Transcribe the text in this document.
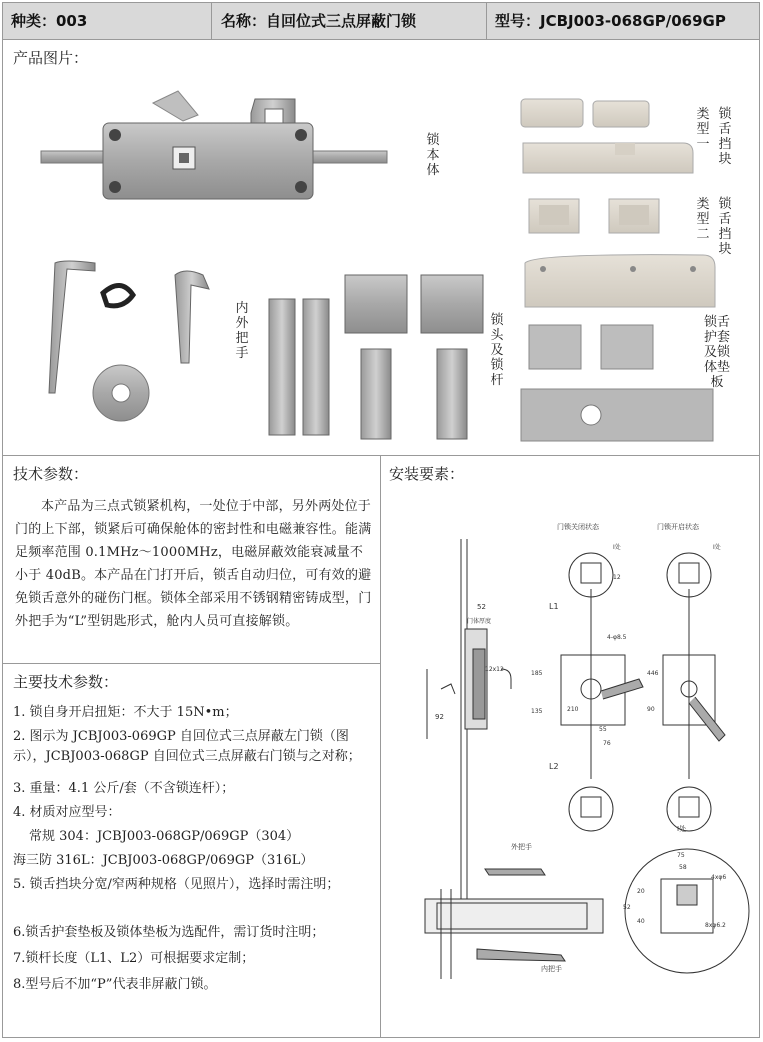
种类：003	名称：自回位式三点屏蔽门锁	型号：JCBJ003-068GP/069GP
产品图片：
锁本体
类型一
锁舌挡块
类型二
锁舌挡块
内外把手
锁头及锁杆
锁舌护套及锁体垫板
技术参数：
本产品为三点式锁紧机构，一处位于中部，另外两处位于门的上下部，锁紧后可确保舱体的密封性和电磁兼容性。能满足频率范围 0.1MHz～1000MHz，电磁屏蔽效能衰减量不小于 40dB。本产品在门打开后，锁舌自动归位，可有效的避免锁舌意外的碰伤门框。锁体全部采用不锈钢精密铸成型，门外把手为“L”型钥匙形式，舱内人员可直接解锁。
主要技术参数：
1. 锁自身开启扭矩：不大于 15N•m；
2. 图示为 JCBJ003-069GP 自回位式三点屏蔽左门锁（图 示），JCBJ003-068GP 自回位式三点屏蔽右门锁与之对称；
3. 重量：4.1 公斤/套（不含锁连杆）；
4. 材质对应型号：
常规 304：JCBJ003-068GP/069GP（304）
海三防 316L：JCBJ003-068GP/069GP（316L）
5. 锁舌挡块分宽/窄两种规格（见照片），选择时需注明；
6.锁舌护套垫板及锁体垫板为选配件，需订货时注明；
7.锁杆长度（L1、L2）可根据要求定制；
8.型号后不加“P”代表非屏蔽门锁。
安装要素：
52
门体厚度
12x12
92
门锁关闭状态
L1
L2
185
135	210
55
76
4-φ8.5
I处
12
门锁开启状态
446
90
I处
外把手
内把手
I处
75
58
20
40
52
4xφ6
8xφ6.2
